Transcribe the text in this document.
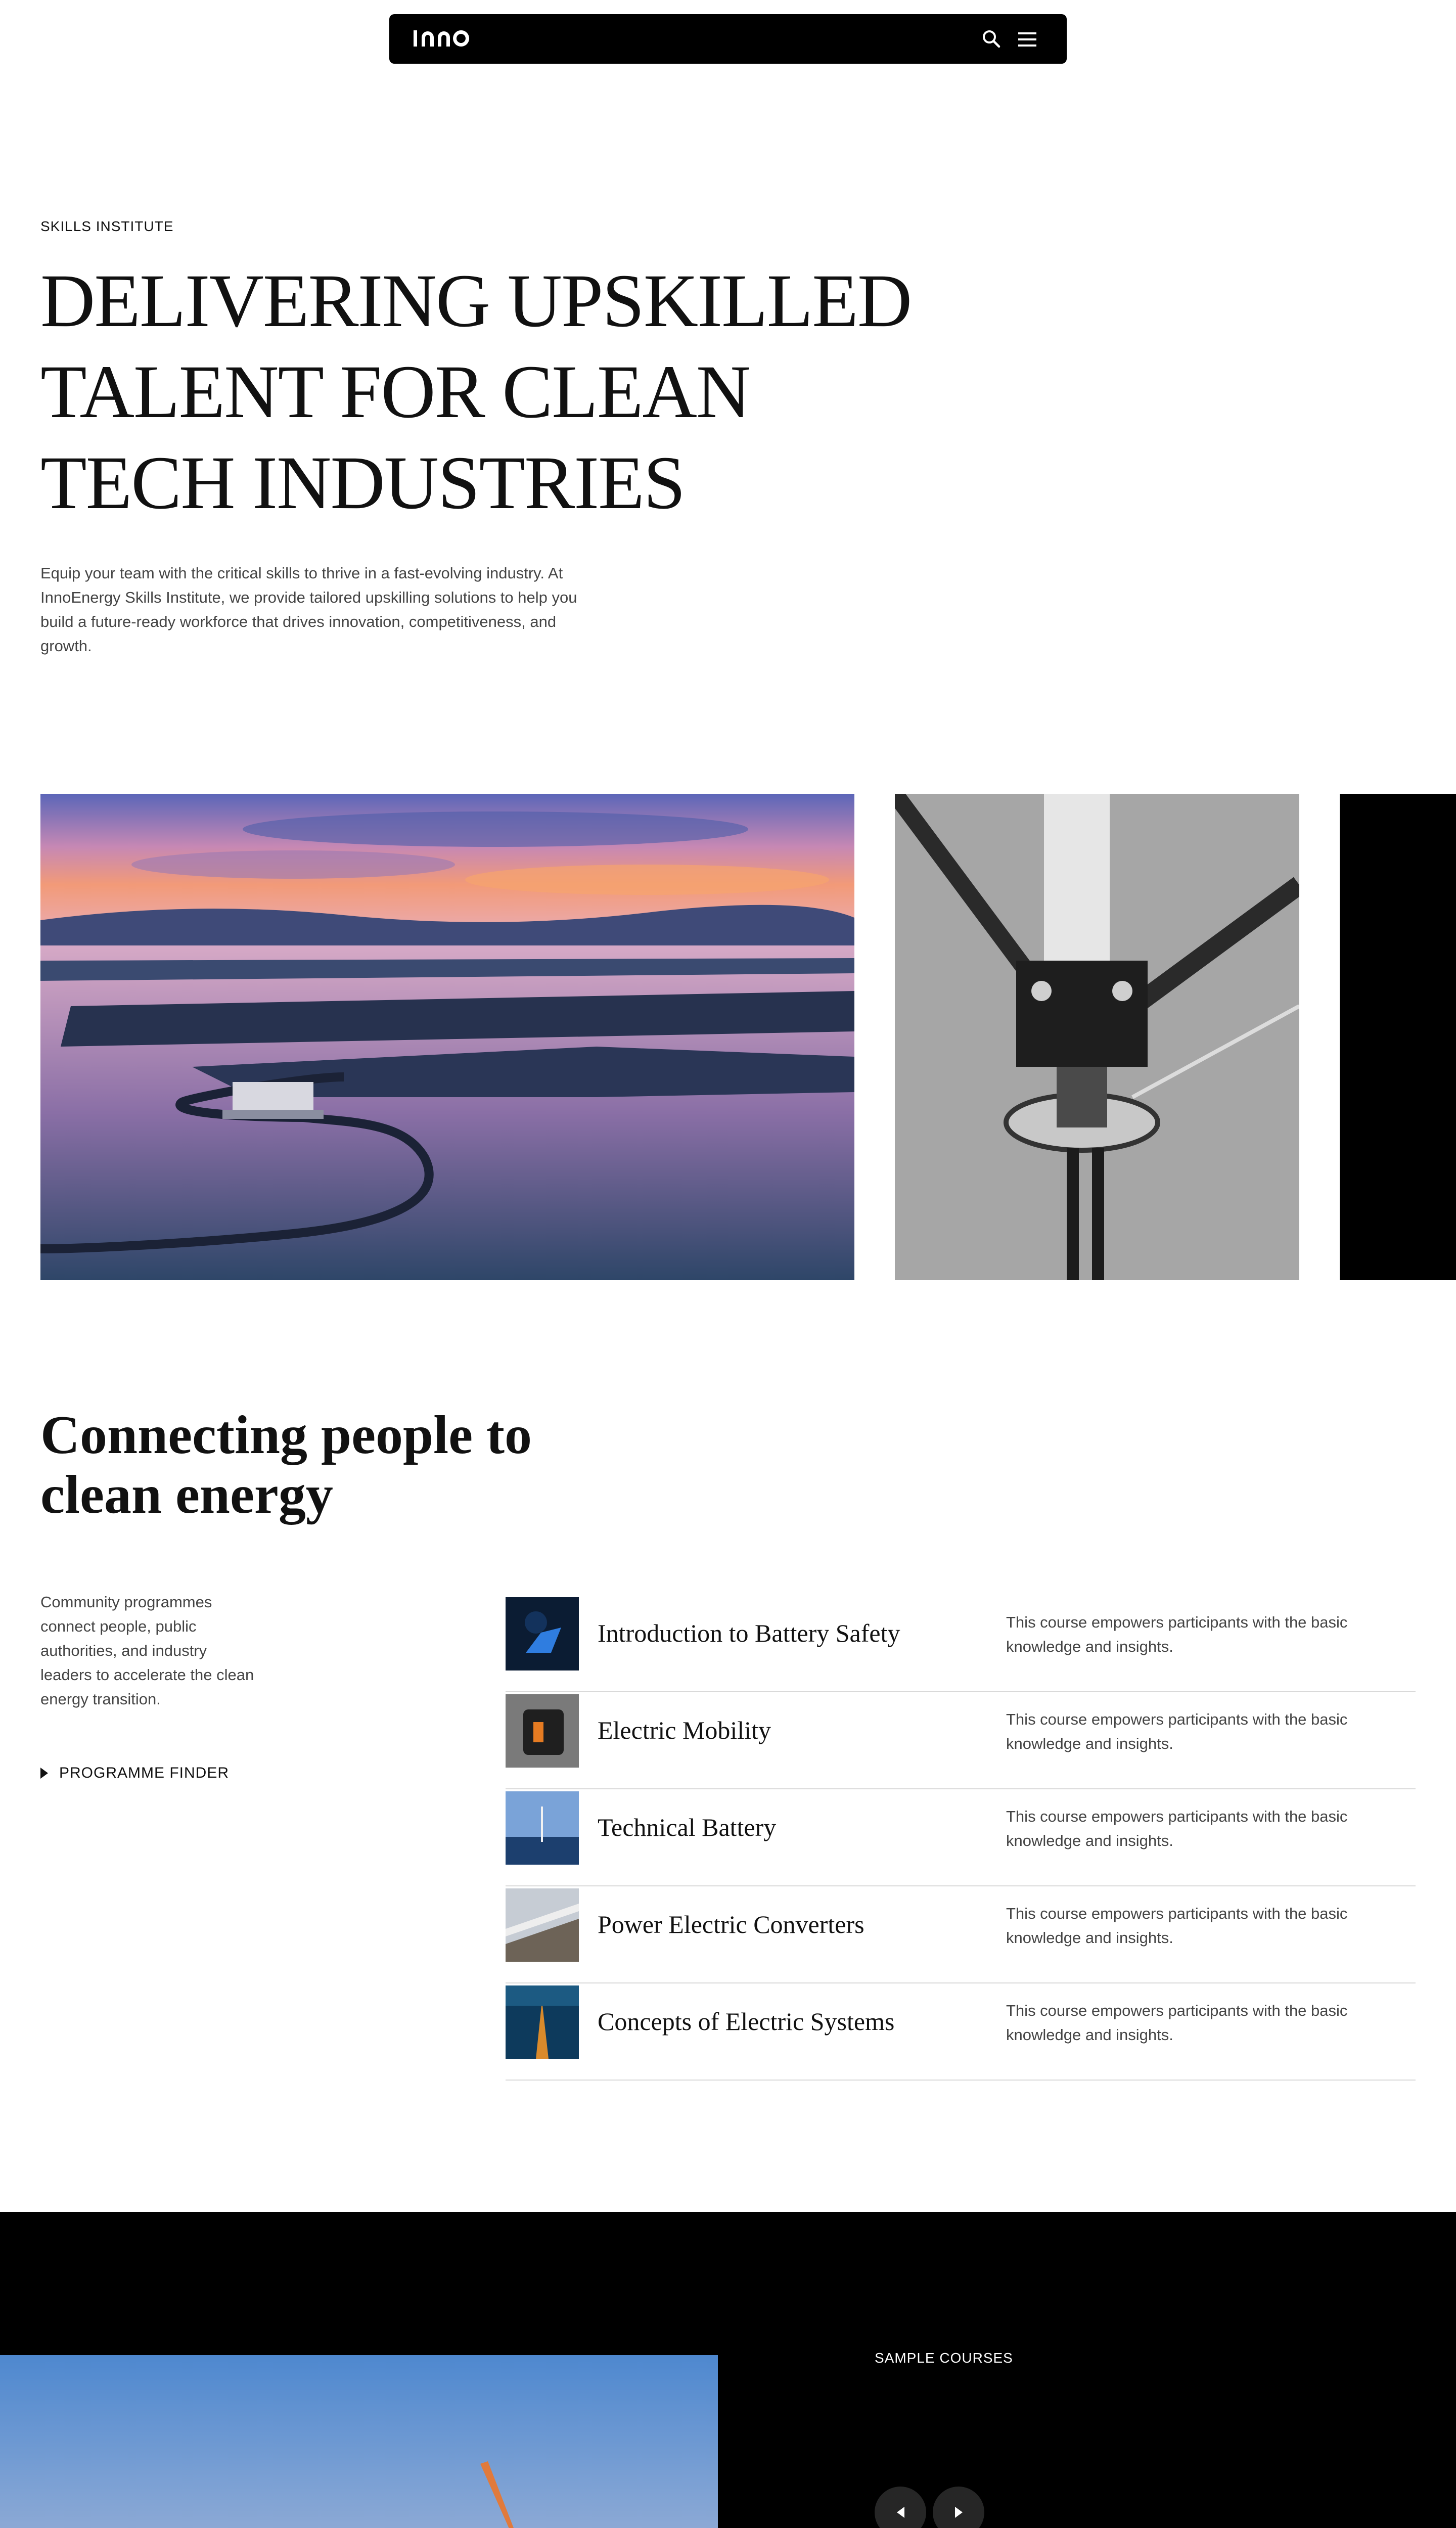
SKILLS INSTITUTE
DELIVERING UPSKILLED TALENT FOR CLEAN TECH INDUSTRIES

Equip your team with the critical skills to thrive in a fast-evolving industry. At InnoEnergy Skills Institute, we provide tailored upskilling solutions to help you build a future-ready workforce that drives innovation, competitiveness, and growth.

Connecting people to clean energy

Community programmes connect people, public authorities, and industry leaders to accelerate the clean energy transition.

PROGRAMME FINDER
Introduction to Battery Safety	This course empowers participants with the basic knowledge and insights.
Electric Mobility	This course empowers participants with the basic knowledge and insights.
Technical Battery	This course empowers participants with the basic knowledge and insights.
Power Electric Converters	This course empowers participants with the basic knowledge and insights.
Concepts of Electric Systems	This course empowers participants with the basic knowledge and insights.
SAMPLE COURSES
